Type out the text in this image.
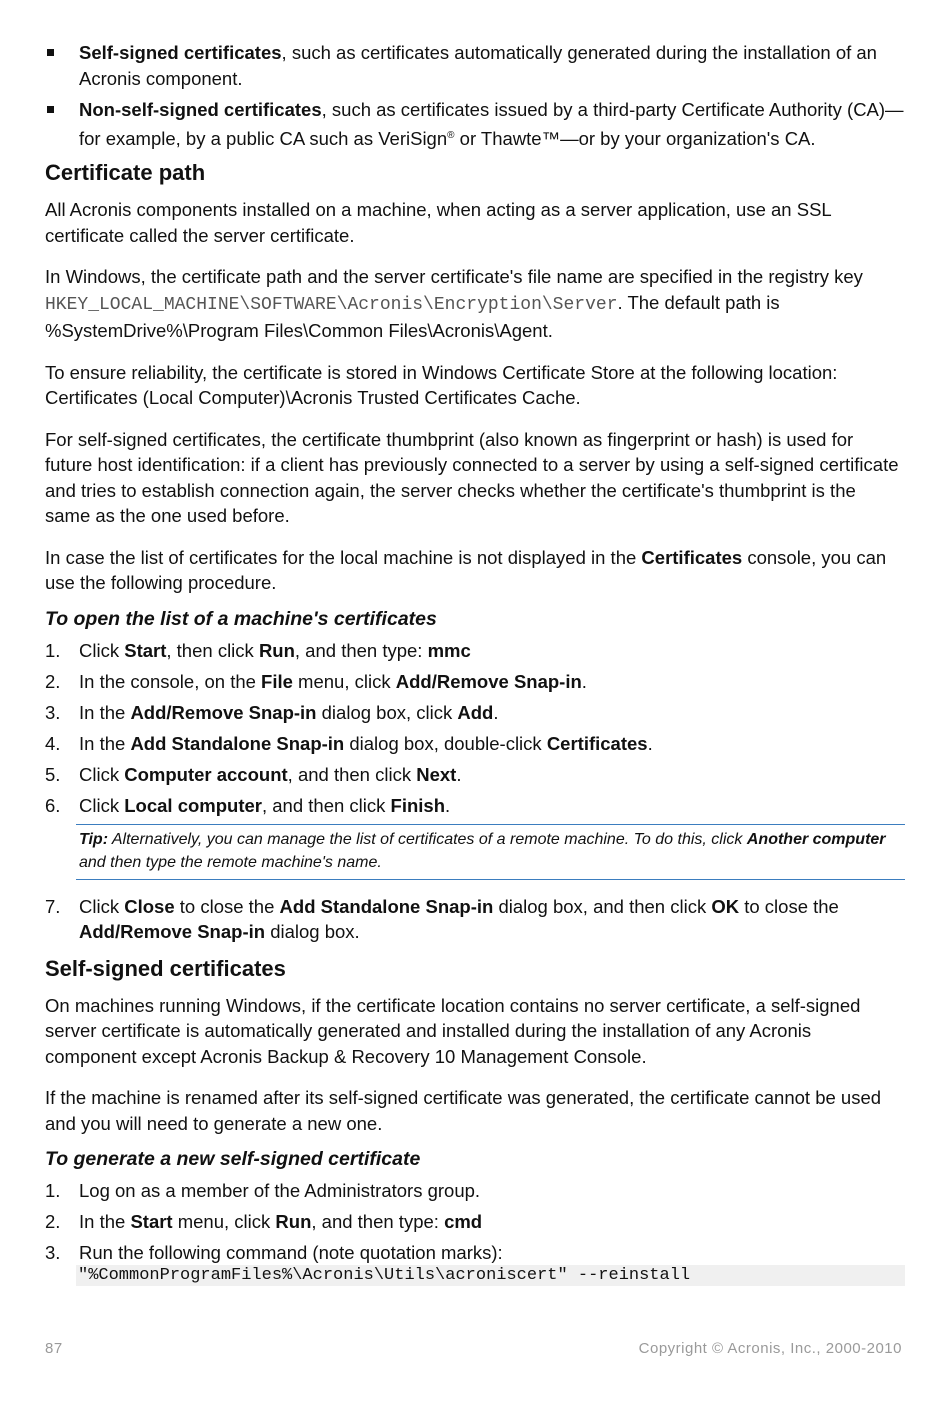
Self-signed certificates, such as certificates automatically generated during the installation of an Acronis component.
Non-self-signed certificates, such as certificates issued by a third-party Certificate Authority (CA)—for example, by a public CA such as VeriSign® or Thawte™—or by your organization's CA.
Certificate path

All Acronis components installed on a machine, when acting as a server application, use an SSL certificate called the server certificate.

In Windows, the certificate path and the server certificate's file name are specified in the registry key HKEY_LOCAL_MACHINE\SOFTWARE\Acronis\Encryption\Server. The default path is %SystemDrive%\Program Files\Common Files\Acronis\Agent.

To ensure reliability, the certificate is stored in Windows Certificate Store at the following location: Certificates (Local Computer)\Acronis Trusted Certificates Cache.

For self-signed certificates, the certificate thumbprint (also known as fingerprint or hash) is used for future host identification: if a client has previously connected to a server by using a self-signed certificate and tries to establish connection again, the server checks whether the certificate's thumbprint is the same as the one used before.

In case the list of certificates for the local machine is not displayed in the Certificates console, you can use the following procedure.

To open the list of a machine's certificates
1. Click Start, then click Run, and then type: mmc
2. In the console, on the File menu, click Add/Remove Snap-in.
3. In the Add/Remove Snap-in dialog box, click Add.
4. In the Add Standalone Snap-in dialog box, double-click Certificates.
5. Click Computer account, and then click Next.
6. Click Local computer, and then click Finish.
Tip: Alternatively, you can manage the list of certificates of a remote machine. To do this, click Another computer and then type the remote machine's name.
7. Click Close to close the Add Standalone Snap-in dialog box, and then click OK to close the Add/Remove Snap-in dialog box.
Self-signed certificates

On machines running Windows, if the certificate location contains no server certificate, a self-signed server certificate is automatically generated and installed during the installation of any Acronis component except Acronis Backup & Recovery 10 Management Console.

If the machine is renamed after its self-signed certificate was generated, the certificate cannot be used and you will need to generate a new one.

To generate a new self-signed certificate
1. Log on as a member of the Administrators group.
2. In the Start menu, click Run, and then type: cmd
3. Run the following command (note quotation marks):
"%CommonProgramFiles%\Acronis\Utils\acroniscert" --reinstall
87	Copyright © Acronis, Inc., 2000-2010
